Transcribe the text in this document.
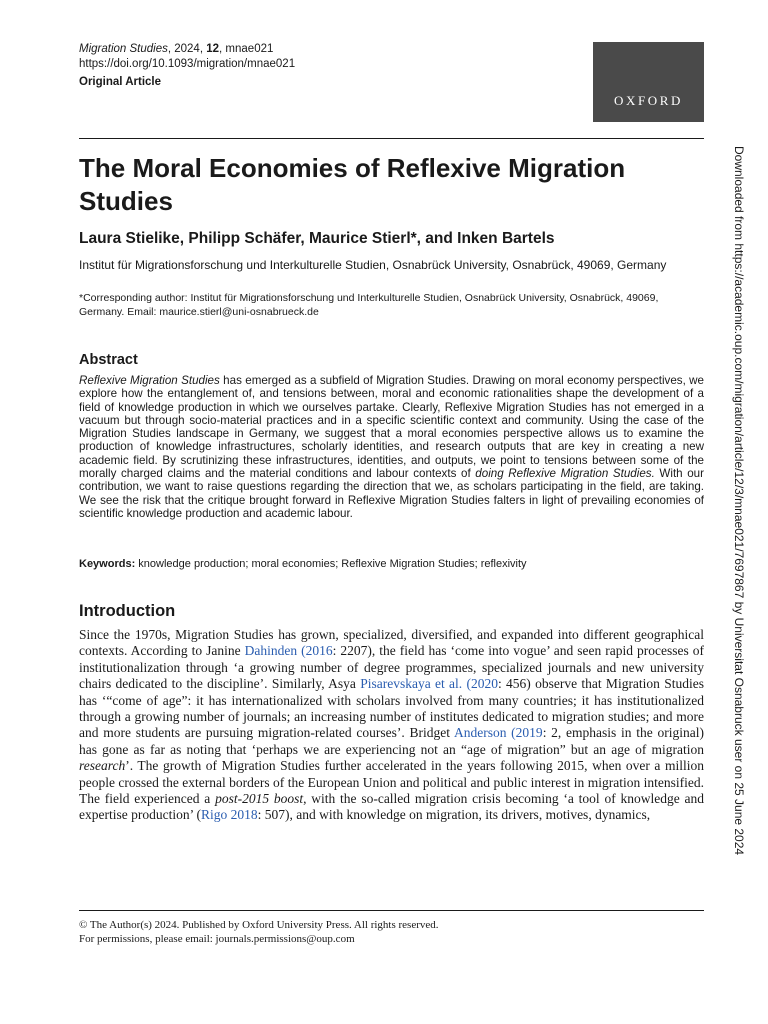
Migration Studies, 2024, 12, mnae021
https://doi.org/10.1093/migration/mnae021
Original Article
OXFORD
The Moral Economies of Reflexive Migration Studies
Laura Stielike, Philipp Schäfer, Maurice Stierl*, and Inken Bartels
Institut für Migrationsforschung und Interkulturelle Studien, Osnabrück University, Osnabrück, 49069, Germany
*Corresponding author: Institut für Migrationsforschung und Interkulturelle Studien, Osnabrück University, Osnabrück, 49069, Germany. Email: maurice.stierl@uni-osnabrueck.de
Abstract

Reflexive Migration Studies has emerged as a subfield of Migration Studies. Drawing on moral economy perspectives, we explore how the entanglement of, and tensions between, moral and economic rationalities shape the development of a field of knowledge production in which we ourselves partake. Clearly, Reflexive Migration Studies has not emerged in a vacuum but through socio-material practices and in a specific scientific context and community. Using the case of the Migration Studies landscape in Germany, we suggest that a moral economies perspective allows us to examine the production of knowledge infrastructures, scholarly identities, and research outputs that are key in creating a new academic field. By scrutinizing these infrastructures, identities, and outputs, we point to tensions between some of the morally charged claims and the material conditions and labour contexts of doing Reflexive Migration Studies. With our contribution, we want to raise questions regarding the direction that we, as scholars participating in the field, are taking. We see the risk that the critique brought forward in Reflexive Migration Studies falters in light of prevailing economies of scientific knowledge production and academic labour.

Keywords: knowledge production; moral economies; Reflexive Migration Studies; reflexivity
Introduction

Since the 1970s, Migration Studies has grown, specialized, diversified, and expanded into different geographical contexts. According to Janine Dahinden (2016: 2207), the field has ‘come into vogue’ and seen rapid processes of institutionalization through ‘a growing number of degree programmes, specialized journals and new university chairs dedicated to the discipline’. Similarly, Asya Pisarevskaya et al. (2020: 456) observe that Migration Studies has ‘“come of age”: it has internationalized with scholars involved from many countries; it has institutionalized through a growing number of journals; an increasing number of institutes dedicated to migration studies; and more and more students are pursuing migration-related courses’. Bridget Anderson (2019: 2, emphasis in the original) has gone as far as noting that ‘perhaps we are experiencing not an “age of migration” but an age of migration research’. The growth of Migration Studies further accelerated in the years following 2015, when over a million people crossed the external borders of the European Union and political and public interest in migration intensified. The field experienced a post-2015 boost, with the so-called migration crisis becoming ‘a tool of knowledge and expertise production’ (Rigo 2018: 507), and with knowledge on migration, its drivers, motives, dynamics,

© The Author(s) 2024. Published by Oxford University Press. All rights reserved.
For permissions, please email: journals.permissions@oup.com
Downloaded from https://academic.oup.com/migration/article/12/3/mnae021/7697867 by Universitat Osnabruck user on 25 June 2024
